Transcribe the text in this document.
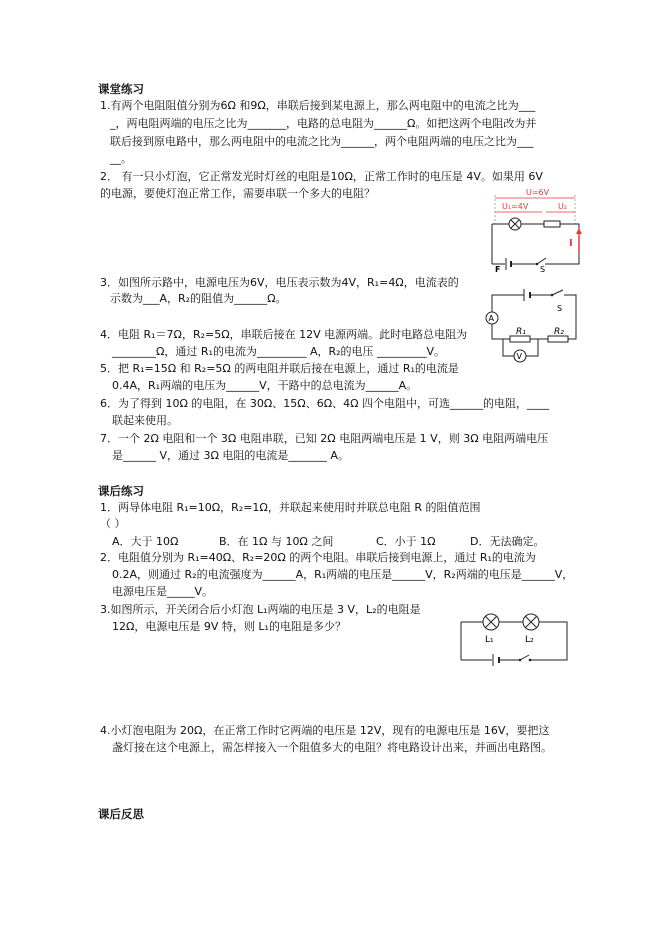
课堂练习
1.有两个电阻阻值分别为6Ω 和9Ω，串联后接到某电源上，那么两电阻中的电流之比为___
_，两电阻两端的电压之比为_______，电路的总电阻为______Ω。如把这两个电阻改为并
联后接到原电路中，那么两电阻中的电流之比为______，两个电阻两端的电压之比为___
__。
2． 有一只小灯泡，它正常发光时灯丝的电阻是10Ω，正常工作时的电压是 4V。如果用 6V
的电源，要使灯泡正常工作，需要串联一个多大的电阻？	U=6V
U₁=4V	U₂
F	S
I
3．如图所示路中，电源电压为6V，电压表示数为4V，R₁=4Ω，电流表的
示数为___A，R₂的阻值为______Ω。
S
A
R₁	R₂
V
4．电阻 R₁＝7Ω，R₂=5Ω，串联后接在 12V 电源两端。此时电路总电阻为
________Ω，通过 R₁的电流为_________ A，R₂的电压 _________V。
5．把 R₁=15Ω 和 R₂=5Ω 的两电阻并联后接在电源上，通过 R₁的电流是
0.4A，R₁两端的电压为______V，干路中的总电流为______A。
6．为了得到 10Ω 的电阻，在 30Ω、15Ω、6Ω、4Ω 四个电阻中，可选______的电阻，____
联起来使用。
7．一个 2Ω 电阻和一个 3Ω 电阻串联，已知 2Ω 电阻两端电压是 1 V，则 3Ω 电阻两端电压
是______ V，通过 3Ω 电阻的电流是_______ A。
课后练习
1．两导体电阻 R₁=10Ω，R₂=1Ω，并联起来使用时并联总电阻 R 的阻值范围
（ ）
A．大于 10Ω	B．在 1Ω 与 10Ω 之间	C．小于 1Ω	D．无法确定。
2．电阻值分别为 R₁=40Ω、R₂=20Ω 的两个电阻。串联后接到电源上，通过 R₁的电流为
0.2A，则通过 R₂的电流强度为______A，R₁两端的电压是______V，R₂两端的电压是______V，
电源电压是_____V。
3.如图所示，开关闭合后小灯泡 L₁两端的电压是 3 V，L₂的电阻是
12Ω，电源电压是 9V 特，则 L₁的电阻是多少？
L₁	L₂
4.小灯泡电阻为 20Ω，在正常工作时它两端的电压是 12V，现有的电源电压是 16V，要把这
盏灯接在这个电源上，需怎样接入一个阻值多大的电阻？将电路设计出来，并画出电路图。
课后反思
